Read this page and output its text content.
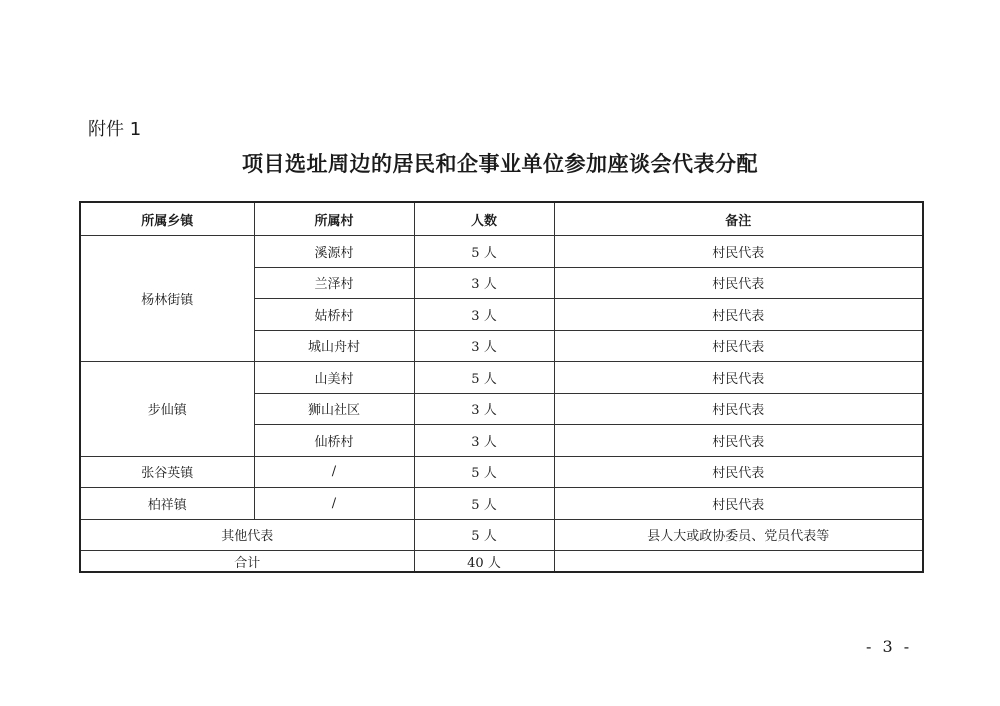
附件 1
项目选址周边的居民和企事业单位参加座谈会代表分配
所属乡镇	所属村	人数	备注
杨林街镇	溪源村	5 人	村民代表
	兰泽村	3 人	村民代表
	姑桥村	3 人	村民代表
	城山舟村	3 人	村民代表
步仙镇	山美村	5 人	村民代表
	狮山社区	3 人	村民代表
	仙桥村	3 人	村民代表
张谷英镇	/	5 人	村民代表
柏祥镇	/	5 人	村民代表
其他代表		5 人	县人大或政协委员、党员代表等
合计		40 人	
- 3 -
